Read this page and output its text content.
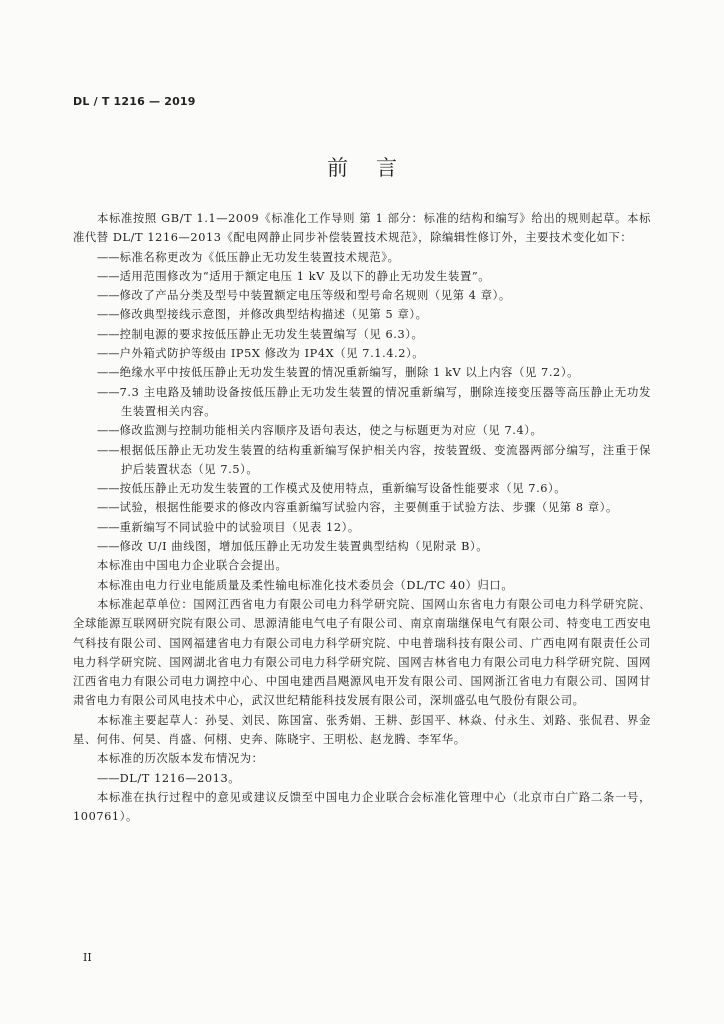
DL / T 1216 — 2019
前言

本标准按照 GB/T 1.1—2009《标准化工作导则 第 1 部分：标准的结构和编写》给出的规则起草。本标准代替 DL/T 1216—2013《配电网静止同步补偿装置技术规范》，除编辑性修订外，主要技术变化如下：

——标准名称更改为《低压静止无功发生装置技术规范》。

——适用范围修改为“适用于额定电压 1 kV 及以下的静止无功发生装置”。

——修改了产品分类及型号中装置额定电压等级和型号命名规则（见第 4 章）。

——修改典型接线示意图，并修改典型结构描述（见第 5 章）。

——控制电源的要求按低压静止无功发生装置编写（见 6.3）。

——户外箱式防护等级由 IP5X 修改为 IP4X（见 7.1.4.2）。

——绝缘水平中按低压静止无功发生装置的情况重新编写，删除 1 kV 以上内容（见 7.2）。

——7.3 主电路及辅助设备按低压静止无功发生装置的情况重新编写，删除连接变压器等高压静止无功发生装置相关内容。

——修改监测与控制功能相关内容顺序及语句表达，使之与标题更为对应（见 7.4）。

——根据低压静止无功发生装置的结构重新编写保护相关内容，按装置级、变流器两部分编写，注重于保护后装置状态（见 7.5）。

——按低压静止无功发生装置的工作模式及使用特点，重新编写设备性能要求（见 7.6）。

——试验，根据性能要求的修改内容重新编写试验内容，主要侧重于试验方法、步骤（见第 8 章）。

——重新编写不同试验中的试验项目（见表 12）。

——修改 U/I 曲线图，增加低压静止无功发生装置典型结构（见附录 B）。

本标准由中国电力企业联合会提出。

本标准由电力行业电能质量及柔性输电标准化技术委员会（DL/TC 40）归口。

本标准起草单位：国网江西省电力有限公司电力科学研究院、国网山东省电力有限公司电力科学研究院、全球能源互联网研究院有限公司、思源清能电气电子有限公司、南京南瑞继保电气有限公司、特变电工西安电气科技有限公司、国网福建省电力有限公司电力科学研究院、中电普瑞科技有限公司、广西电网有限责任公司电力科学研究院、国网湖北省电力有限公司电力科学研究院、国网吉林省电力有限公司电力科学研究院、国网江西省电力有限公司电力调控中心、中国电建西昌飓源风电开发有限公司、国网浙江省电力有限公司、国网甘肃省电力有限公司风电技术中心，武汉世纪精能科技发展有限公司，深圳盛弘电气股份有限公司。

本标准主要起草人：孙旻、刘民、陈国富、张秀娟、王耕、彭国平、林焱、付永生、刘路、张侃君、界金星、何伟、何昊、肖盛、何栩、史奔、陈晓宇、王明松、赵龙腾、李军华。

本标准的历次版本发布情况为：

——DL/T 1216—2013。

本标准在执行过程中的意见或建议反馈至中国电力企业联合会标准化管理中心（北京市白广路二条一号，100761）。

II
